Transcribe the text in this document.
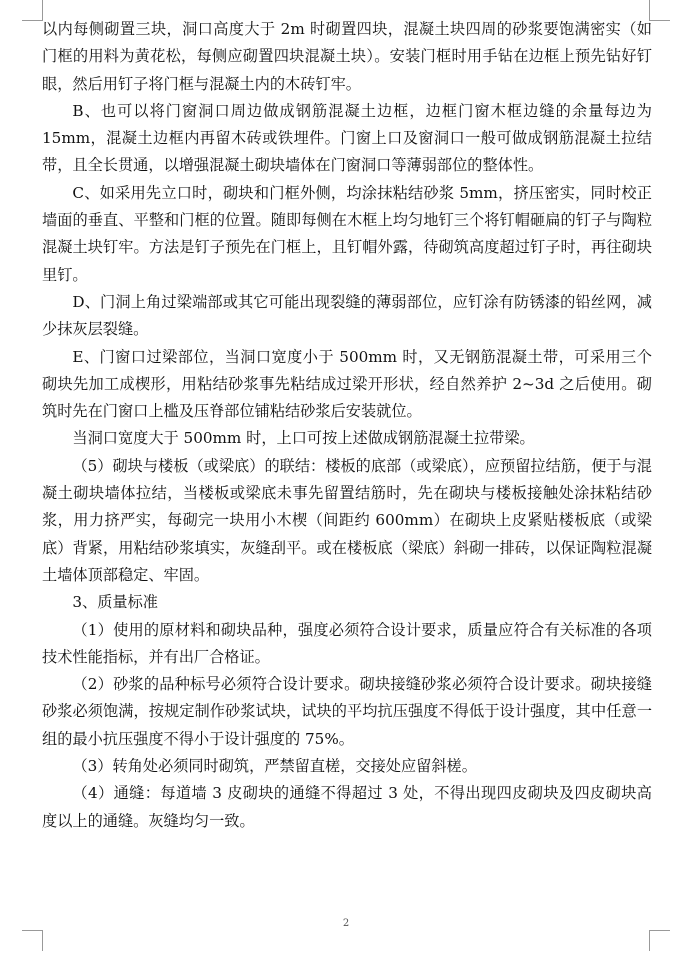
以内每侧砌置三块，洞口高度大于 2m 时砌置四块，混凝土块四周的砂浆要饱满密实（如门框的用料为黄花松，每侧应砌置四块混凝土块）。安装门框时用手钻在边框上预先钻好钉眼，然后用钉子将门框与混凝土内的木砖钉牢。

B、也可以将门窗洞口周边做成钢筋混凝土边框，边框门窗木框边缝的余量每边为 15mm，混凝土边框内再留木砖或铁埋件。门窗上口及窗洞口一般可做成钢筋混凝土拉结带，且全长贯通，以增强混凝土砌块墙体在门窗洞口等薄弱部位的整体性。

C、如采用先立口时，砌块和门框外侧，均涂抹粘结砂浆 5mm，挤压密实，同时校正墙面的垂直、平整和门框的位置。随即每侧在木框上均匀地钉三个将钉帽砸扁的钉子与陶粒混凝土块钉牢。方法是钉子预先在门框上，且钉帽外露，待砌筑高度超过钉子时，再往砌块里钉。

D、门洞上角过梁端部或其它可能出现裂缝的薄弱部位，应钉涂有防锈漆的铅丝网，减少抹灰层裂缝。

E、门窗口过梁部位，当洞口宽度小于 500mm 时，又无钢筋混凝土带，可采用三个砌块先加工成楔形，用粘结砂浆事先粘结成过梁开形状，经自然养护 2~3d 之后使用。砌筑时先在门窗口上槛及压脊部位铺粘结砂浆后安装就位。

当洞口宽度大于 500mm 时，上口可按上述做成钢筋混凝土拉带梁。

（5）砌块与楼板（或梁底）的联结：楼板的底部（或梁底），应预留拉结筋，便于与混凝土砌块墙体拉结，当楼板或梁底未事先留置结筋时，先在砌块与楼板接触处涂抹粘结砂浆，用力挤严实，每砌完一块用小木楔（间距约 600mm）在砌块上皮紧贴楼板底（或梁底）背紧，用粘结砂浆填实，灰缝刮平。或在楼板底（梁底）斜砌一排砖，以保证陶粒混凝土墙体顶部稳定、牢固。

3、质量标准

（1）使用的原材料和砌块品种，强度必须符合设计要求，质量应符合有关标准的各项技术性能指标，并有出厂合格证。

（2）砂浆的品种标号必须符合设计要求。砌块接缝砂浆必须符合设计要求。砌块接缝砂浆必须饱满，按规定制作砂浆试块，试块的平均抗压强度不得低于设计强度，其中任意一组的最小抗压强度不得小于设计强度的 75%。

（3）转角处必须同时砌筑，严禁留直槎，交接处应留斜槎。

（4）通缝：每道墙 3 皮砌块的通缝不得超过 3 处，不得出现四皮砌块及四皮砌块高度以上的通缝。灰缝均匀一致。

2
